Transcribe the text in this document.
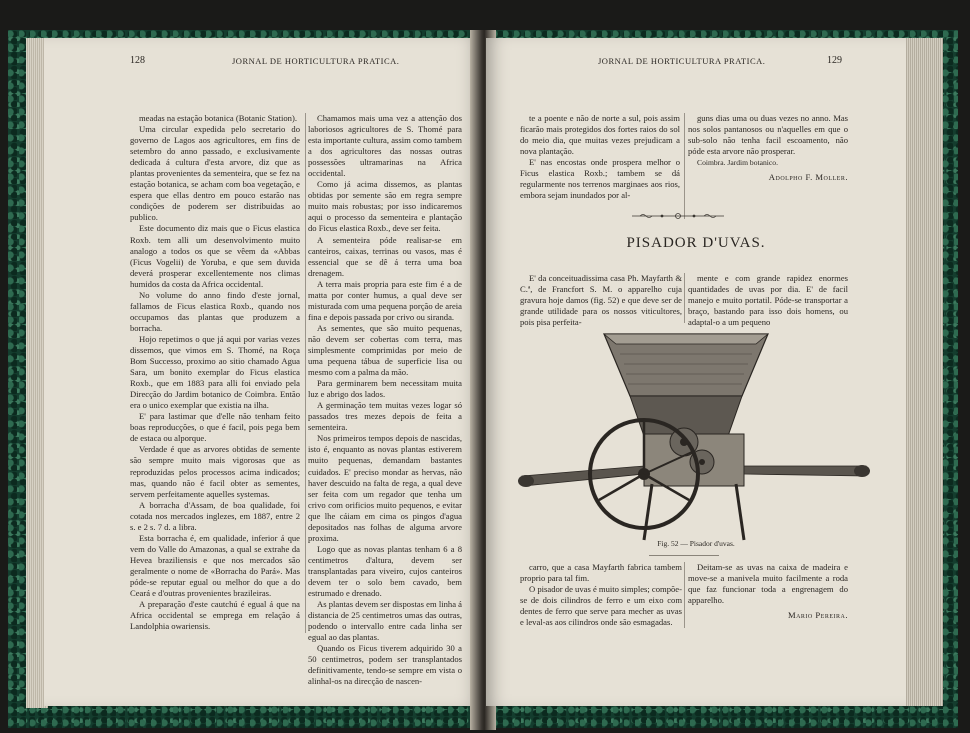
128	JORNAL DE HORTICULTURA PRATICA.

meadas na estação botanica (Botanic Station).

Uma circular expedida pelo secretario do governo de Lagos aos agricultores, em fins de setembro do anno passado, e exclusivamente dedicada á cultura d'esta arvore, diz que as plantas provenientes da sementeira, que se fez na estação botanica, se acham com boa vegetação, e espera que ellas dentro em pouco estarão nas condições de poderem ser distribuidas ao publico.

Este documento diz mais que o Ficus elastica Roxb. tem alli um desenvolvimento muito analogo a todos os que se vêem da «Abbas (Ficus Vogelii) de Yoruba, e que sem duvida deverá prosperar excellentemente nos climas humidos da costa da Africa occidental.

No volume do anno findo d'este jornal, fallamos de Ficus elastica Roxb., quando nos occupamos das plantas que produzem a borracha.

Hojo repetimos o que já aqui por varias vezes dissemos, que vimos em S. Thomé, na Roça Bom Successo, proximo ao sitio chamado Agua Sara, um bonito exemplar do Ficus elastica Roxb., que em 1883 para alli foi enviado pela Direcção do Jardim botanico de Coimbra. Então era o unico exemplar que existia na ilha.

E' para lastimar que d'elle não tenham feito boas reproducções, o que é facil, pois pega bem de estaca ou alporque.

Verdade é que as arvores obtidas de semente são sempre muito mais vigorosas que as reproduzidas pelos processos acima indicados; mas, quando não é facil obter as sementes, servem perfeitamente aquelles systemas.

A borracha d'Assam, de boa qualidade, foi cotada nos mercados inglezes, em 1887, entre 2 s. e 2 s. 7 d. a libra.

Esta borracha é, em qualidade, inferior á que vem do Valle do Amazonas, a qual se extrahe da Hevea braziliensis e que nos mercados são geralmente o nome de «Borracha do Pará». Mas póde-se reputar egual ou melhor do que a do Ceará e d'outras provenientes brazileiras.

A preparação d'este cautchú é egual á que na Africa occidental se emprega em relação á Landolphia owariensis.

Chamamos mais uma vez a attenção dos laboriosos agricultores de S. Thomé para esta importante cultura, assim como tambem a dos agricultores das nossas outras possessões ultramarinas na Africa occidental.

Como já acima dissemos, as plantas obtidas por semente são em regra sempre muito mais robustas; por isso indicaremos aqui o processo da sementeira e plantação do Ficus elastica Roxb., deve ser feita.

A sementeira póde realisar-se em canteiros, caixas, terrinas ou vasos, mas é essencial que se dê á terra uma boa drenagem.

A terra mais propria para este fim é a de matta por conter humus, a qual deve ser misturada com uma pequena porção de areia fina e depois passada por crivo ou siranda.

As sementes, que são muito pequenas, não devem ser cobertas com terra, mas simplesmente comprimidas por meio de uma pequena tábua de superficie lisa ou mesmo com a palma da mão.

Para germinarem bem necessitam muita luz e abrigo dos lados.

A germinação tem muitas vezes logar só passados tres mezes depois de feita a sementeira.

Nos primeiros tempos depois de nascidas, isto é, enquanto as novas plantas estiverem muito pequenas, demandam bastantes cuidados. E' preciso mondar as hervas, não haver descuido na falta de rega, a qual deve ser feita com um regador que tenha um crivo com orificios muito pequenos, e evitar que lhe cáiam em cima os pingos d'agua depositados nas folhas de alguma arvore proxima.

Logo que as novas plantas tenham 6 a 8 centimetros d'altura, devem ser transplantadas para viveiro, cujos canteiros devem ter o solo bem cavado, bem estrumado e drenado.

As plantas devem ser dispostas em linha á distancia de 25 centimetros umas das outras, podendo o intervallo entre cada linha ser egual ao das plantas.

Quando os Ficus tiverem adquirido 30 a 50 centimetros, podem ser transplantados definitivamente, tendo-se sempre em vista o alinhal-os na direcção de nascen-

JORNAL DE HORTICULTURA PRATICA.	129

te a poente e não de norte a sul, pois assim ficarão mais protegidos dos fortes raios do sol do meio dia, que muitas vezes prejudicam a nova plantação.

E' nas encostas onde prospera melhor o Ficus elastica Roxb.; tambem se dá regularmente nos terrenos marginaes aos rios, embora sejam inundados por al-

guns dias uma ou duas vezes no anno. Mas nos solos pantanosos ou n'aquelles em que o sub-solo não tenha facil escoamento, não póde esta arvore não prosperar.

Coimbra. Jardim botanico.

Adolpho F. Moller.

PISADOR D'UVAS.

E' da conceituadissima casa Ph. Mayfarth & C.ª, de Francfort S. M. o apparelho cuja gravura hoje damos (fig. 52) e que deve ser de grande utilidade para os nossos viticultores, pois pisa perfeita-

mente e com grande rapidez enormes quantidades de uvas por dia. E' de facil manejo e muito portatil. Póde-se transportar a braço, bastando para isso dois homens, ou adaptal-o a um pequeno

Fig. 52 — Pisador d'uvas.

carro, que a casa Mayfarth fabrica tambem proprio para tal fim.

O pisador de uvas é muito simples; compõe-se de dois cilindros de ferro e um eixo com dentes de ferro que serve para mecher as uvas e leval-as aos cilindros onde são esmagadas.

Deitam-se as uvas na caixa de madeira e move-se a manivela muito facilmente a roda que faz funcionar toda a engrenagem do apparelho.

Mario Pereira.
